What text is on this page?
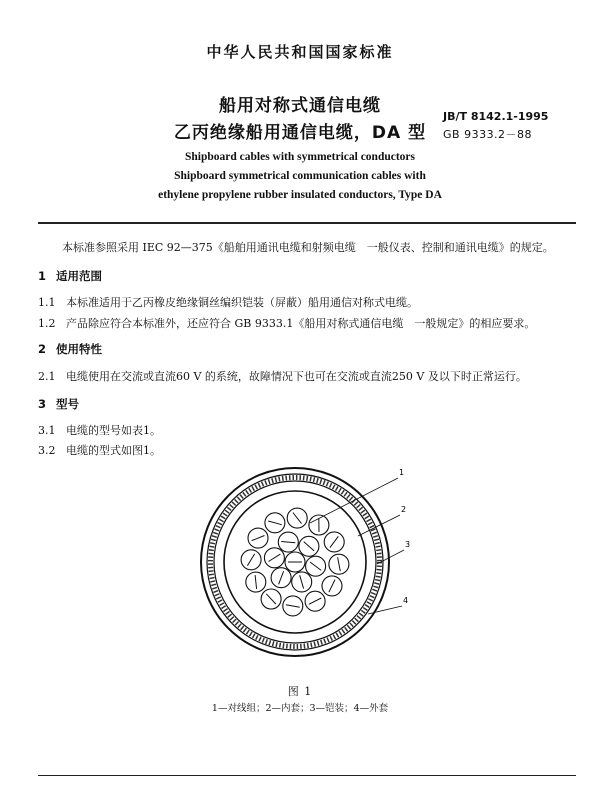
中华人民共和国国家标准
船用对称式通信电缆
乙丙绝缘船用通信电缆，DA 型
JB/T 8142.1-1995
GB 9333.2－88
Shipboard cables with symmetrical conductors
Shipboard symmetrical communication cables with
ethylene propylene rubber insulated conductors, Type DA
本标准参照采用 IEC 92—375《船舶用通讯电缆和射频电缆　一般仪表、控制和通讯电缆》的规定。
1 适用范围
1.1 本标准适用于乙丙橡皮绝缘铜丝编织铠装（屏蔽）船用通信对称式电缆。
1.2 产品除应符合本标准外，还应符合 GB 9333.1《船用对称式通信电缆　一般规定》的相应要求。
2 使用特性
2.1 电缆使用在交流或直流60 V 的系统，故障情况下也可在交流或直流250 V 及以下时正常运行。
3 型号
3.1 电缆的型号如表1。
3.2 电缆的型式如图1。
1
2
3
4
图 1
1—对线组；2—内套；3—铠装；4—外套
